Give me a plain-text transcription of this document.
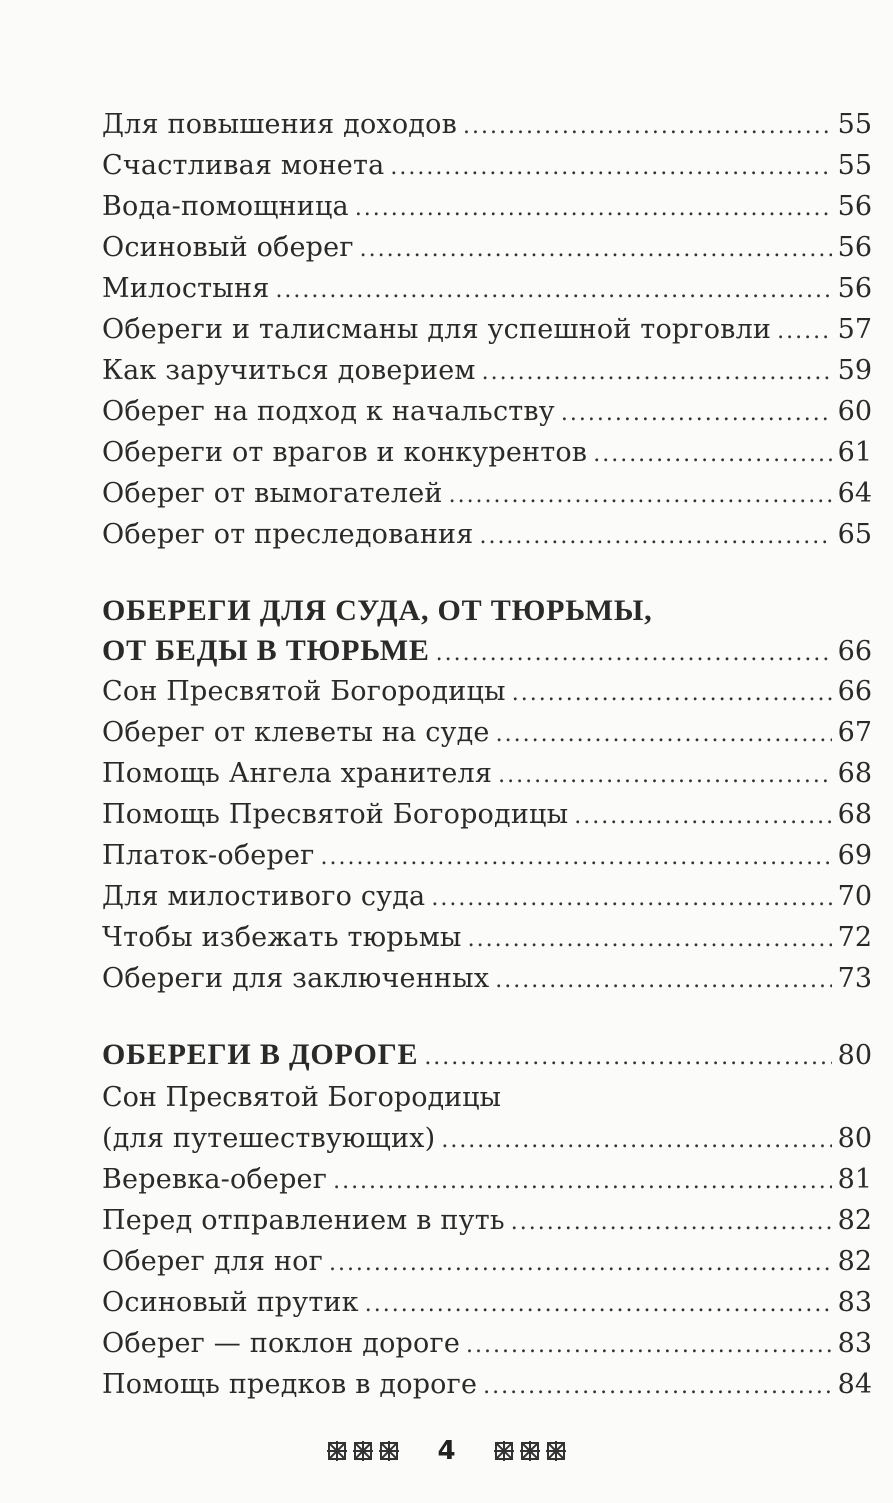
Для повышения доходов .....	55
Счастливая монета .....	55
Вода-помощница .....	56
Осиновый оберег .....	56
Милостыня .....	56
Обереги и талисманы для успешной торговли ..... 57
Как заручиться доверием .....	59
Оберег на подход к начальству .....	60
Обереги от врагов и конкурентов .....	61
Оберег от вымогателей .....	64
Оберег от преследования .....	65
ОБЕРЕГИ ДЛЯ СУДА, ОТ ТЮРЬМЫ,
ОТ БЕДЫ В ТЮРЬМЕ .....	66
Сон Пресвятой Богородицы .....	66
Оберег от клеветы на суде .....	67
Помощь Ангела хранителя .....	68
Помощь Пресвятой Богородицы .....	68
Платок-оберег .....	69
Для милостивого суда .....	70
Чтобы избежать тюрьмы .....	72
Обереги для заключенных .....	73
ОБЕРЕГИ В ДОРОГЕ .....	80
Сон Пресвятой Богородицы
(для путешествующих) .....	80
Веревка-оберег .....	81
Перед отправлением в путь .....	82
Оберег для ног .....	82
Осиновый прутик .....	83
Оберег — поклон дороге .....	83
Помощь предков в дороге .....	84
4
